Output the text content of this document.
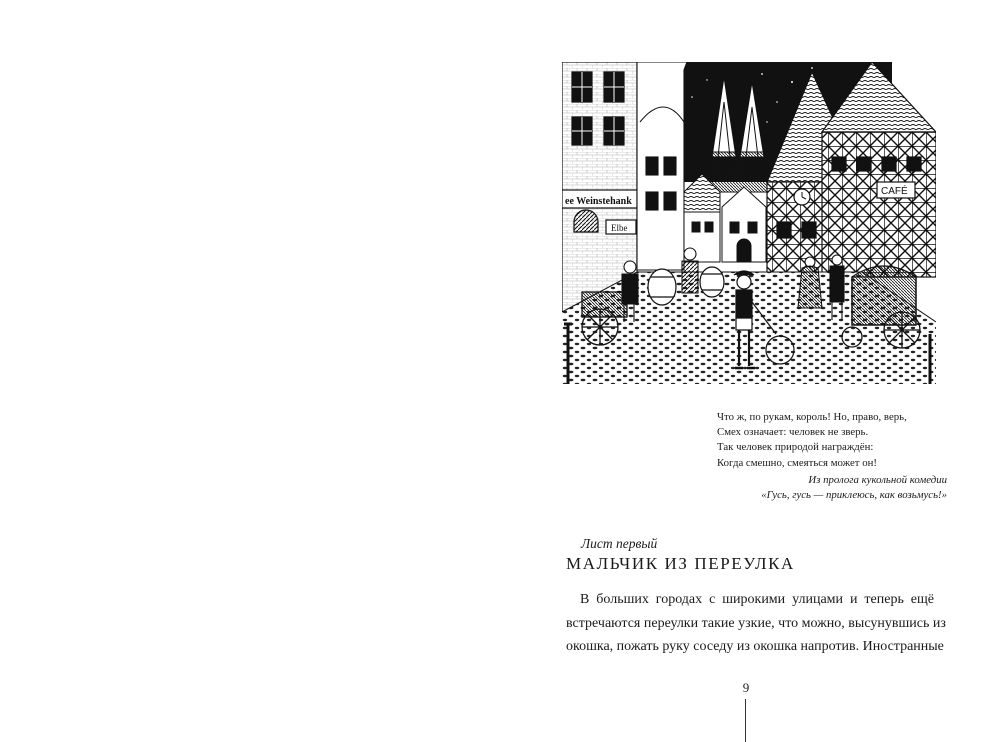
ee Weinstehank
Elbe
CAFÉ
Что ж, по рукам, король! Но, право, верь,
Смех означает: человек не зверь.
Так человек природой награждён:
Когда смешно, смеяться может он!
Из пролога кукольной комедии
«Гусь, гусь — приклеюсь, как возьмусь!»
Лист первый
МАЛЬЧИК ИЗ ПЕРЕУЛКА
В больших городах с широкими улицами и теперь ещё
встречаются переулки такие узкие, что можно, высунувшись из
окошка, пожать руку соседу из окошка напротив. Иностранные
9
